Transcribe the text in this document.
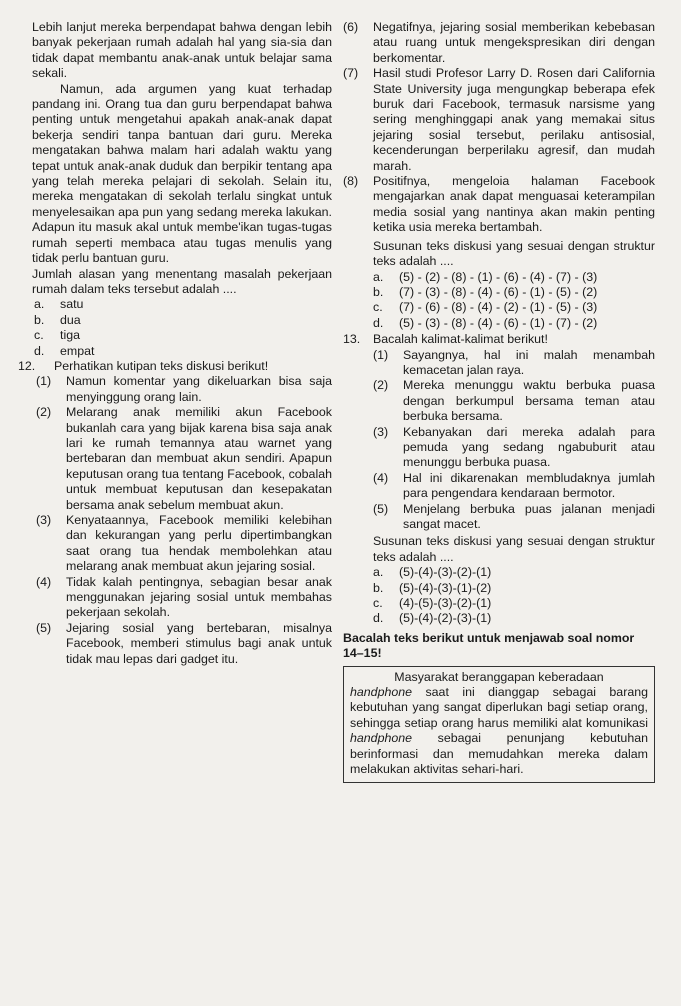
Lebih lanjut mereka berpendapat bahwa dengan lebih banyak pekerjaan rumah adalah hal yang sia-sia dan tidak dapat membantu anak-anak untuk belajar sama sekali.

Namun, ada argumen yang kuat terhadap pandang ini. Orang tua dan guru berpendapat bahwa penting untuk mengetahui apakah anak-anak dapat bekerja sendiri tanpa bantuan dari guru. Mereka mengatakan bahwa malam hari adalah waktu yang tepat untuk anak-anak duduk dan berpikir tentang apa yang telah mereka pelajari di sekolah. Selain itu, mereka mengatakan di sekolah terlalu singkat untuk menyelesaikan apa pun yang sedang mereka lakukan. Adapun itu masuk akal untuk membe'ikan tugas-tugas rumah seperti membaca atau tugas menulis yang tidak perlu bantuan guru.

Jumlah alasan yang menentang masalah pekerjaan rumah dalam teks tersebut adalah ....

a.	satu
b.	dua
c.	tiga
d.	empat
12.	Perhatikan kutipan teks diskusi berikut!
(1)	Namun komentar yang dikeluarkan bisa saja menyinggung orang lain.
(2)	Melarang anak memiliki akun Facebook bukanlah cara yang bijak karena bisa saja anak lari ke rumah temannya atau warnet yang bertebaran dan membuat akun sendiri. Apapun keputusan orang tua tentang Facebook, cobalah untuk membuat keputusan dan kesepakatan bersama anak sebelum membuat akun.
(3)	Kenyataannya, Facebook memiliki kelebihan dan kekurangan yang perlu dipertimbangkan saat orang tua hendak membolehkan atau melarang anak membuat akun jejaring sosial.
(4)	Tidak kalah pentingnya, sebagian besar anak menggunakan jejaring sosial untuk membahas pekerjaan sekolah.
(5)	Jejaring sosial yang bertebaran, misalnya Facebook, memberi stimulus bagi anak untuk tidak mau lepas dari gadget itu.
(6)	Negatifnya, jejaring sosial memberikan kebebasan atau ruang untuk mengekspresikan diri dengan berkomentar.
(7)	Hasil studi Profesor Larry D. Rosen dari California State University juga mengungkap beberapa efek buruk dari Facebook, termasuk narsisme yang sering menghinggapi anak yang memakai situs jejaring sosial tersebut, perilaku antisosial, kecenderungan berperilaku agresif, dan mudah marah.
(8)	Positifnya, mengeloia halaman Facebook mengajarkan anak dapat menguasai keterampilan media sosial yang nantinya akan makin penting ketika usia mereka bertambah.

Susunan teks diskusi yang sesuai dengan struktur teks adalah ....

a.	(5) - (2) - (8) - (1) - (6) - (4) - (7) - (3)
b.	(7) - (3) - (8) - (4) - (6) - (1) - (5) - (2)
c.	(7) - (6) - (8) - (4) - (2) - (1) - (5) - (3)
d.	(5) - (3) - (8) - (4) - (6) - (1) - (7) - (2)
13.	Bacalah kalimat-kalimat berikut!
(1)	Sayangnya, hal ini malah menambah kemacetan jalan raya.
(2)	Mereka menunggu waktu berbuka puasa dengan berkumpul bersama teman atau berbuka bersama.
(3)	Kebanyakan dari mereka adalah para pemuda yang sedang ngabuburit atau menunggu berbuka puasa.
(4)	Hal ini dikarenakan membludaknya jumlah para pengendara kendaraan bermotor.
(5)	Menjelang berbuka puas jalanan menjadi sangat macet.

Susunan teks diskusi yang sesuai dengan struktur teks adalah ....

a.	(5)-(4)-(3)-(2)-(1)
b.	(5)-(4)-(3)-(1)-(2)
c.	(4)-(5)-(3)-(2)-(1)
d.	(5)-(4)-(2)-(3)-(1)

Bacalah teks berikut untuk menjawab soal nomor 14–15!

Masyarakat beranggapan keberadaan
handphone saat ini dianggap sebagai barang kebutuhan yang sangat diperlukan bagi setiap orang, sehingga setiap orang harus memiliki alat komunikasi handphone sebagai penunjang kebutuhan berinformasi dan memudahkan mereka dalam melakukan aktivitas sehari-hari.
